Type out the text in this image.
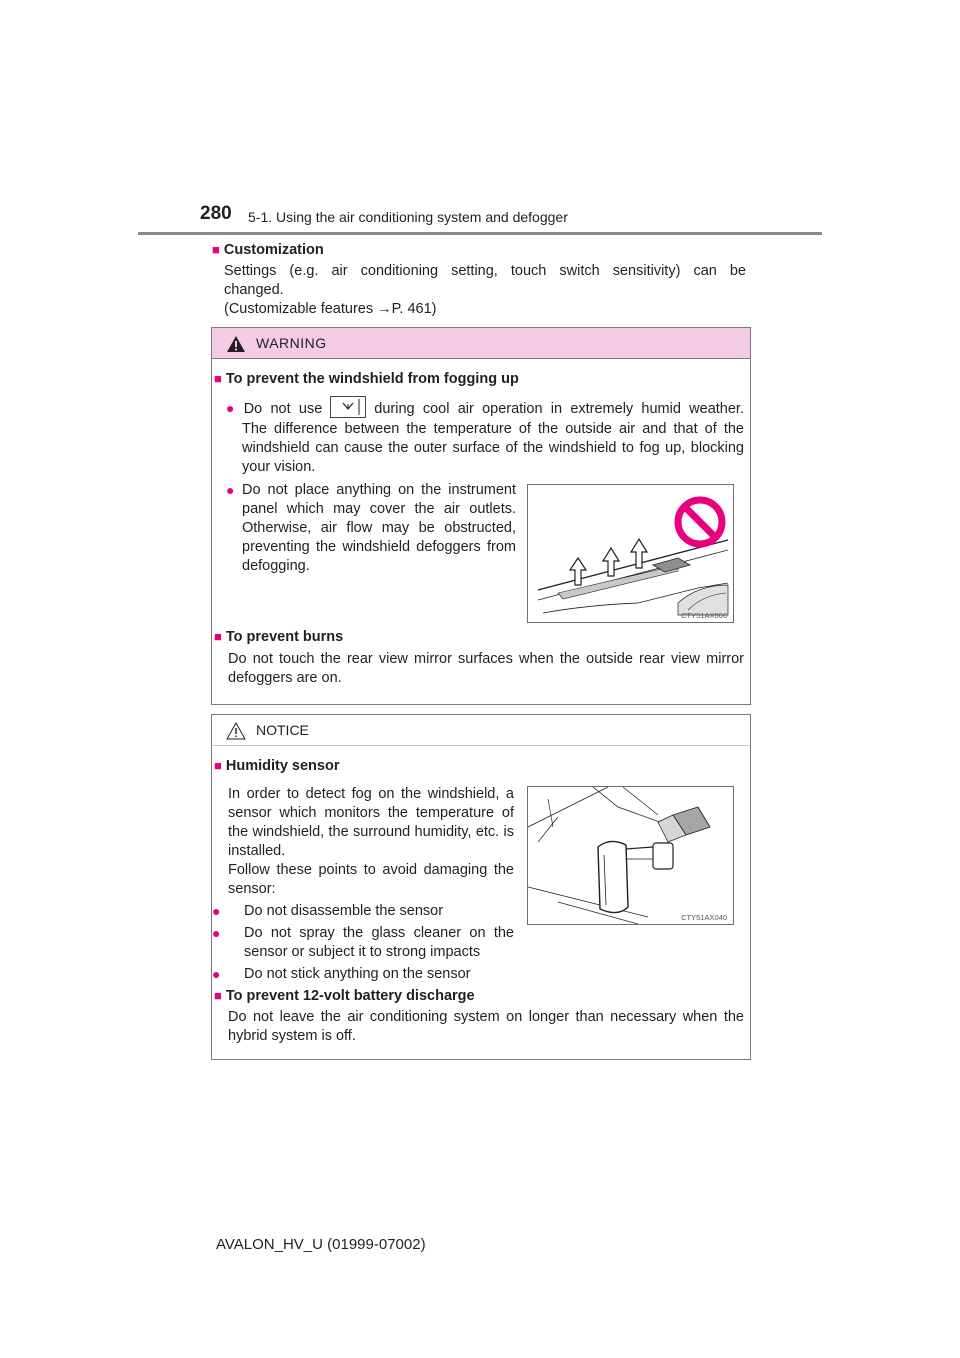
280 5-1. Using the air conditioning system and defogger
■ Customization
Settings (e.g. air conditioning setting, touch switch sensitivity) can be
changed.
(Customizable features →P. 461)
WARNING
■ To prevent the windshield from fogging up
● Do not use	during cool air operation in extremely humid weather.
The difference between the temperature of the outside air and that of the windshield can cause the outer surface of the windshield to fog up, blocking your vision.
● Do not place anything on the instrument panel which may cover the air outlets. Otherwise, air flow may be obstructed, preventing the windshield defoggers from defogging.
CTY51AX066
■ To prevent burns
Do not touch the rear view mirror surfaces when the outside rear view mirror defoggers are on.
NOTICE
■ Humidity sensor
In order to detect fog on the windshield, a sensor which monitors the temperature of the windshield, the surround humidity, etc. is installed.
Follow these points to avoid damaging the sensor:
●	Do not disassemble the sensor
●	Do not spray the glass cleaner on the sensor or subject it to strong impacts
●	Do not stick anything on the sensor
CTY51AX040
■ To prevent 12-volt battery discharge
Do not leave the air conditioning system on longer than necessary when the hybrid system is off.
AVALON_HV_U (01999-07002)
